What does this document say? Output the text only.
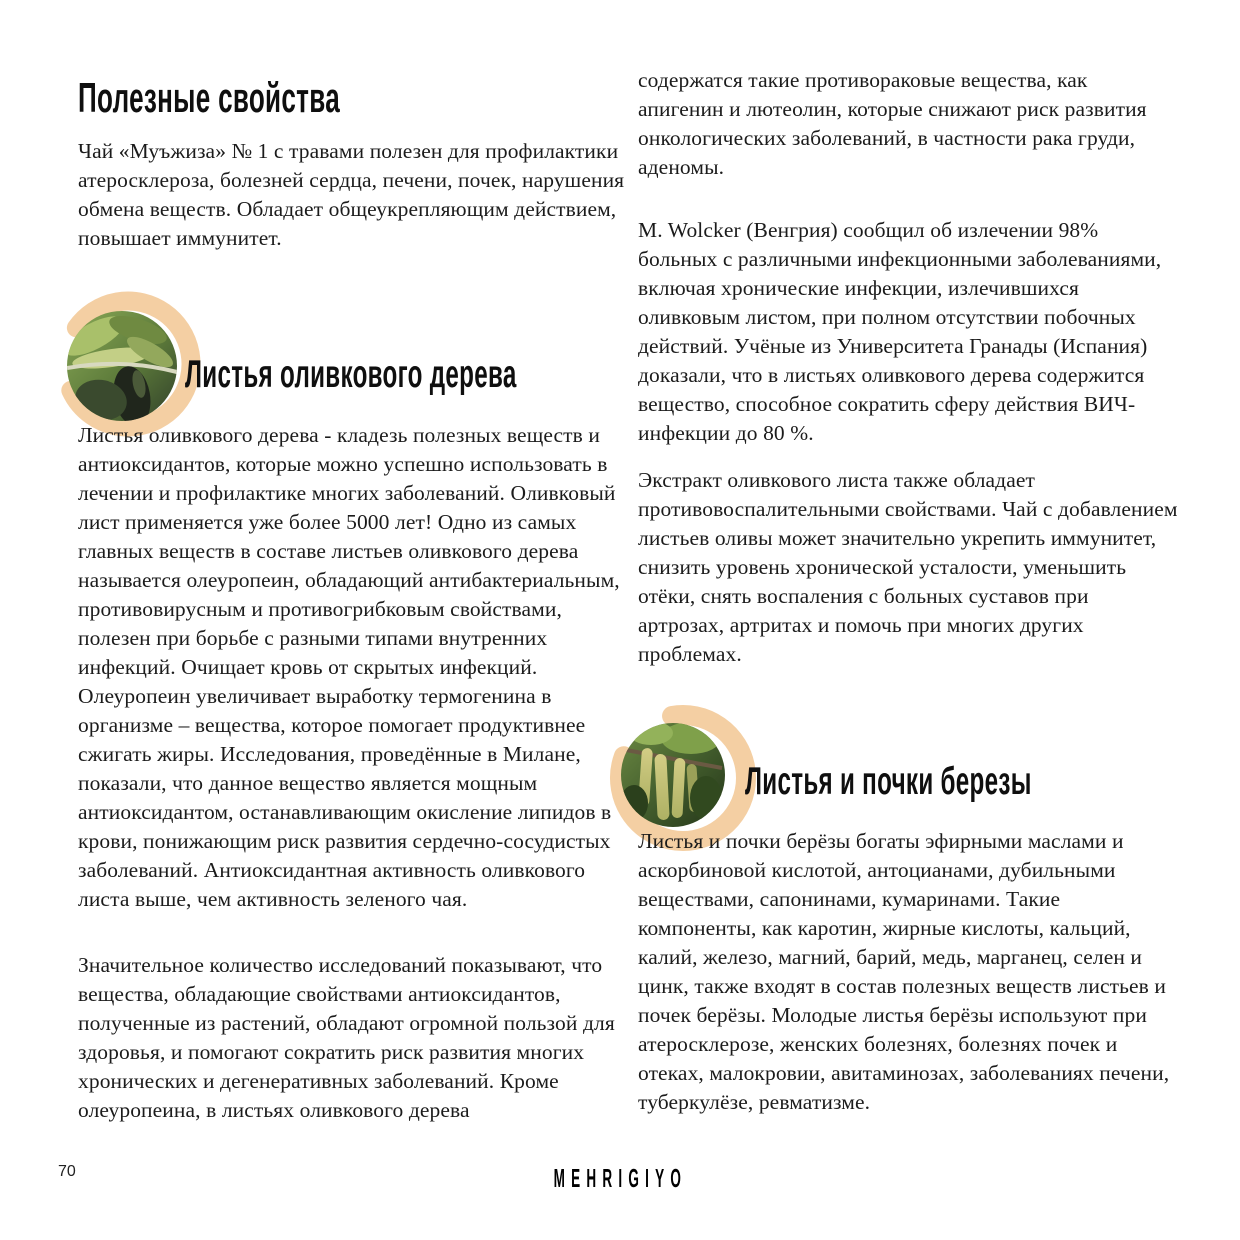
Полезные свойства
Чай «Муъжиза» № 1 с травами полезен для профилактики атеросклероза, болезней сердца, печени, почек, нарушения обмена веществ. Обладает общеукрепляющим действием, повышает иммунитет.
Листья оливкового дерева
Листья оливкового дерева - кладезь полезных веществ и антиоксидантов, которые можно успешно использовать в лечении и профилактике многих заболеваний. Оливковый лист применяется уже более 5000 лет! Одно из самых главных веществ в составе листьев оливкового дерева называется олеуропеин, обладающий антибактериальным, противовирусным и противогрибковым свойствами, полезен при борьбе с разными типами внутренних инфекций. Очищает кровь от скрытых инфекций. Олеуропеин увеличивает выработку термогенина в организме – вещества, которое помогает продуктивнее сжигать жиры. Исследования, проведённые в Милане, показали, что данное вещество является мощным антиоксидантом, останавливающим окисление липидов в крови, понижающим риск развития сердечно-сосудистых заболеваний. Антиоксидантная активность оливкового листа выше, чем активность зеленого чая.
Значительное количество исследований показывают, что вещества, обладающие свойствами антиоксидантов, полученные из растений, обладают огромной пользой для здоровья, и помогают сократить риск развития многих хронических и дегенеративных заболеваний. Кроме олеуропеина, в листьях оливкового дерева
содержатся такие противораковые вещества, как апигенин и лютеолин, которые снижают риск развития онкологических заболеваний, в частности рака груди, аденомы.
M. Wolcker (Венгрия) сообщил об излечении 98% больных с различными инфекционными заболеваниями, включая хронические инфекции, излечившихся оливковым листом, при полном отсутствии побочных действий. Учёные из Университета Гранады (Испания) доказали, что в листьях оливкового дерева содержится вещество, способное сократить сферу действия ВИЧ-инфекции до 80 %.
Экстракт оливкового листа также обладает противовоспалительными свойствами. Чай с добавлением листьев оливы может значительно укрепить иммунитет, снизить уровень хронической усталости, уменьшить отёки, снять воспаления с больных суставов при артрозах, артритах и помочь при многих других проблемах.
Листья и почки березы
Листья и почки берёзы богаты эфирными маслами и аскорбиновой кислотой, антоцианами, дубильными веществами, сапонинами, кумаринами. Такие компоненты, как каротин, жирные кислоты, кальций, калий, железо, магний, барий, медь, марганец, селен и цинк, также входят в состав полезных веществ листьев и почек берёзы. Молодые листья берёзы используют при атеросклерозе, женских болезнях, болезнях почек и отеках, малокровии, авитаминозах, заболеваниях печени, туберкулёзе, ревматизме.
70	MEHRIGIYO
